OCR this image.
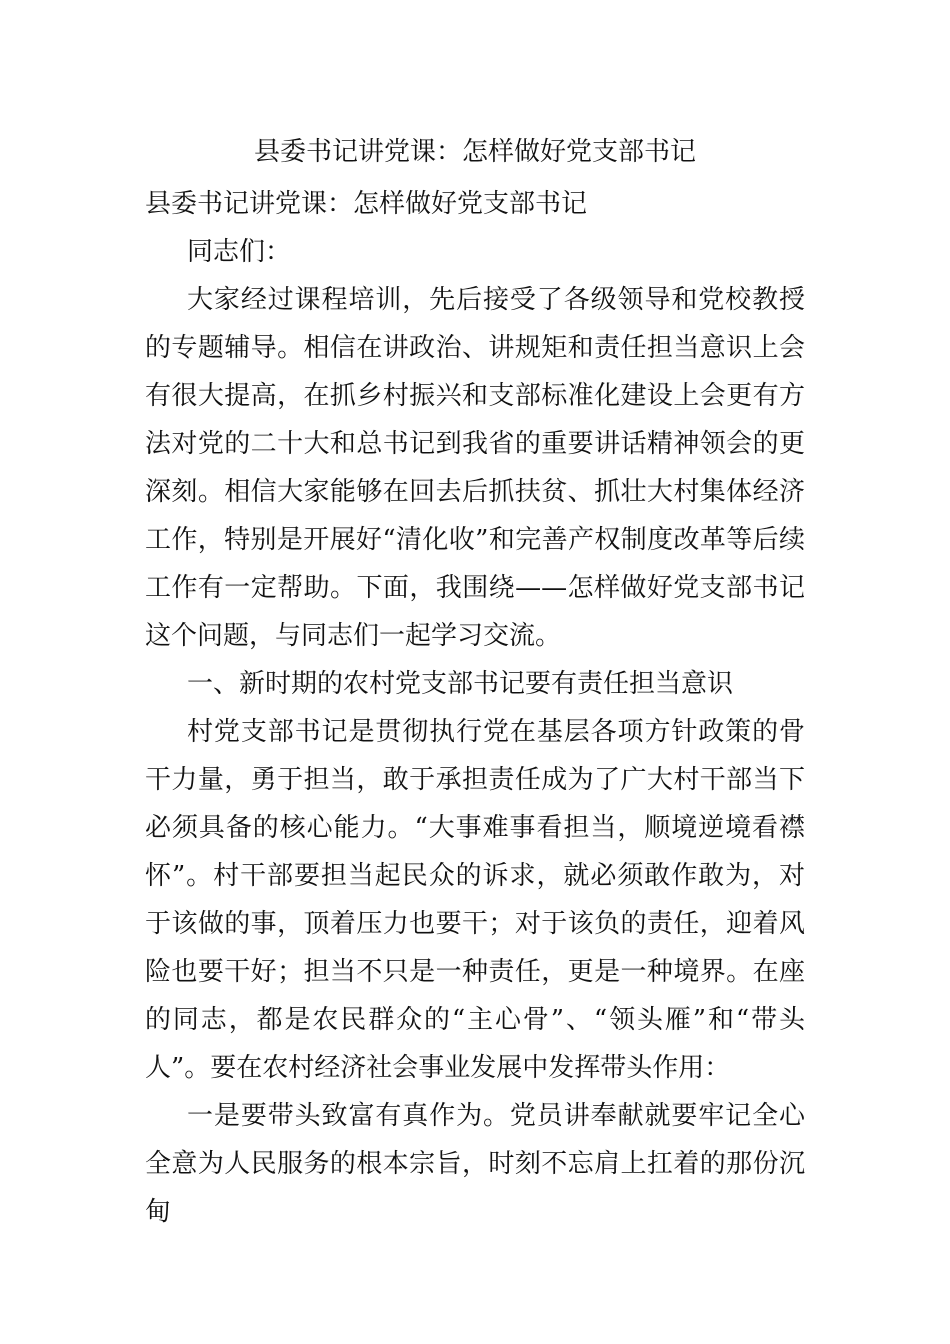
县委书记讲党课：怎样做好党支部书记

县委书记讲党课：怎样做好党支部书记

同志们：

大家经过课程培训，先后接受了各级领导和党校教授的专题辅导。相信在讲政治、讲规矩和责任担当意识上会有很大提高，在抓乡村振兴和支部标准化建设上会更有方法对党的二十大和总书记到我省的重要讲话精神领会的更深刻。相信大家能够在回去后抓扶贫、抓壮大村集体经济工作，特别是开展好“清化收”和完善产权制度改革等后续工作有一定帮助。下面，我围绕——怎样做好党支部书记这个问题，与同志们一起学习交流。

一、新时期的农村党支部书记要有责任担当意识

村党支部书记是贯彻执行党在基层各项方针政策的骨干力量，勇于担当，敢于承担责任成为了广大村干部当下必须具备的核心能力。“大事难事看担当，顺境逆境看襟怀”。村干部要担当起民众的诉求，就必须敢作敢为，对于该做的事，顶着压力也要干；对于该负的责任，迎着风险也要干好；担当不只是一种责任，更是一种境界。在座的同志，都是农民群众的“主心骨”、“领头雁”和“带头人”。要在农村经济社会事业发展中发挥带头作用：

一是要带头致富有真作为。党员讲奉献就要牢记全心全意为人民服务的根本宗旨，时刻不忘肩上扛着的那份沉甸
